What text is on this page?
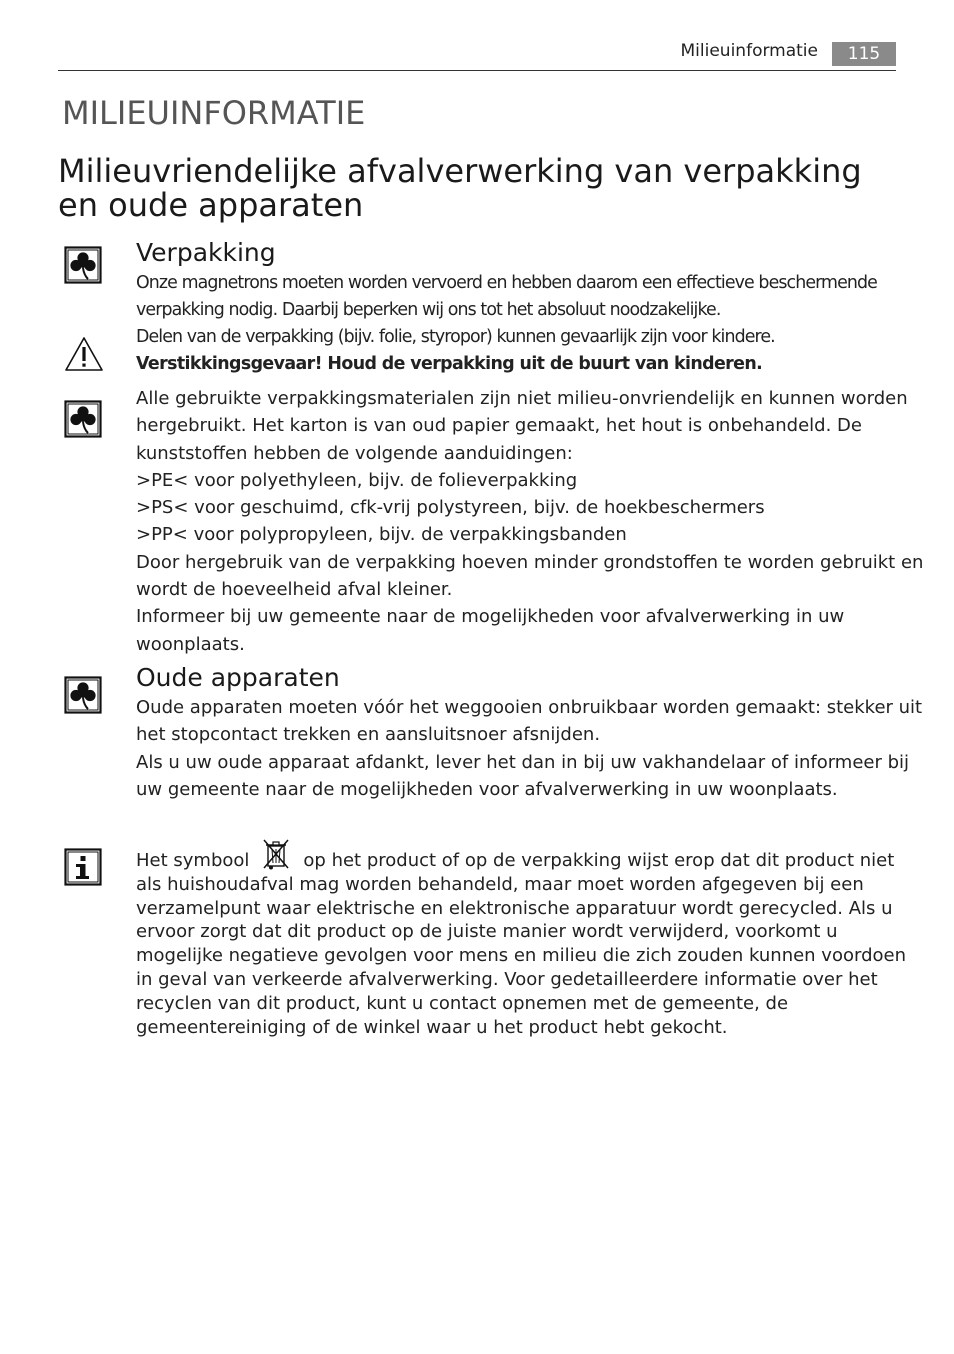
Milieuinformatie	115
MILIEUINFORMATIE
Milieuvriendelijke afvalverwerking van verpakking en oude apparaten
Verpakking
Onze magnetrons moeten worden vervoerd en hebben daarom een effectieve beschermende
verpakking nodig. Daarbij beperken wij ons tot het absoluut noodzakelijke.
Delen van de verpakking (bijv. folie, styropor) kunnen gevaarlijk zijn voor kindere.
Verstikkingsgevaar! Houd de verpakking uit de buurt van kinderen.
Alle gebruikte verpakkingsmaterialen zijn niet milieu-onvriendelijk en kunnen worden
hergebruikt. Het karton is van oud papier gemaakt, het hout is onbehandeld. De
kunststoffen hebben de volgende aanduidingen:
>PE< voor polyethyleen, bijv. de folieverpakking
>PS< voor geschuimd, cfk-vrij polystyreen, bijv. de hoekbeschermers
>PP< voor polypropyleen, bijv. de verpakkingsbanden
Door hergebruik van de verpakking hoeven minder grondstoffen te worden gebruikt en
wordt de hoeveelheid afval kleiner.
Informeer bij uw gemeente naar de mogelijkheden voor afvalverwerking in uw
woonplaats.
Oude apparaten
Oude apparaten moeten vóór het weggooien onbruikbaar worden gemaakt: stekker uit
het stopcontact trekken en aansluitsnoer afsnijden.
Als u uw oude apparaat afdankt, lever het dan in bij uw vakhandelaar of informeer bij
uw gemeente naar de mogelijkheden voor afvalverwerking in uw woonplaats.
Het symbool	op het product of op de verpakking wijst erop dat dit product niet
als huishoudafval mag worden behandeld, maar moet worden afgegeven bij een
verzamelpunt waar elektrische en elektronische apparatuur wordt gerecycled. Als u
ervoor zorgt dat dit product op de juiste manier wordt verwijderd, voorkomt u
mogelijke negatieve gevolgen voor mens en milieu die zich zouden kunnen voordoen
in geval van verkeerde afvalverwerking. Voor gedetailleerdere informatie over het
recyclen van dit product, kunt u contact opnemen met de gemeente, de
gemeentereiniging of de winkel waar u het product hebt gekocht.
